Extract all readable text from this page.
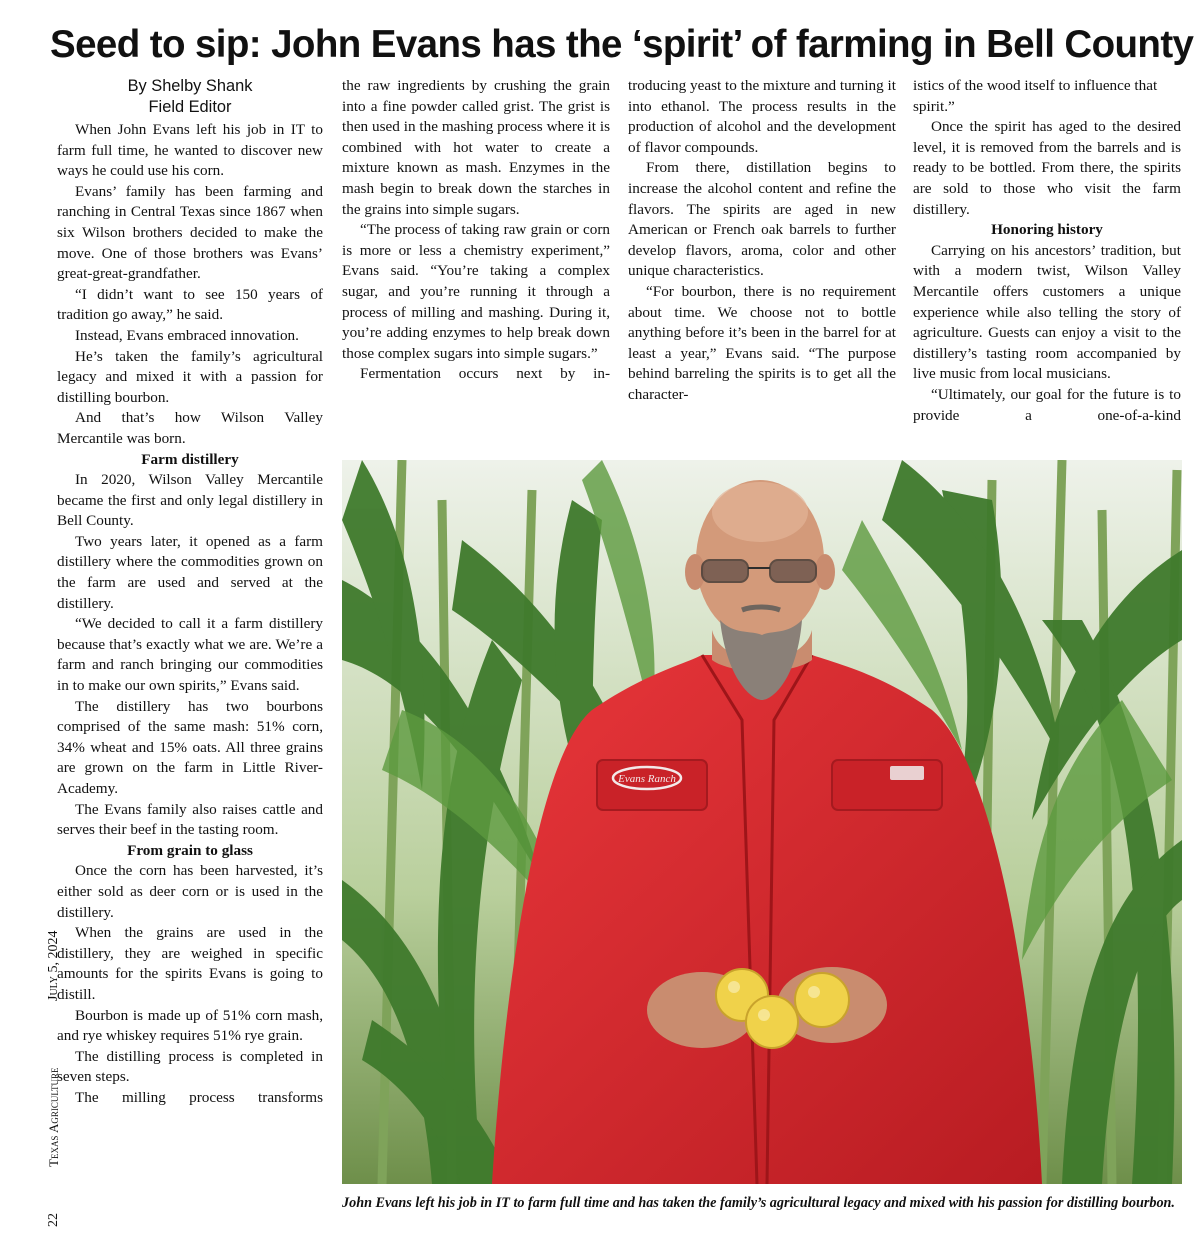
Seed to sip: John Evans has the ‘spirit’ of farming in Bell County
By Shelby Shank
Field Editor

When John Evans left his job in IT to farm full time, he wanted to discover new ways he could use his corn.

Evans’ family has been farming and ranching in Central Texas since 1867 when six Wilson brothers decided to make the move. One of those brothers was Evans’ great-great-grandfather.

“I didn’t want to see 150 years of tradition go away,” he said.

Instead, Evans embraced innovation.

He’s taken the family’s agricultural legacy and mixed it with a passion for distilling bourbon.

And that’s how Wilson Valley Mercantile was born.

Farm distillery

In 2020, Wilson Valley Mercantile became the first and only legal distillery in Bell County.

Two years later, it opened as a farm distillery where the commodities grown on the farm are used and served at the distillery.

“We decided to call it a farm distillery because that’s exactly what we are. We’re a farm and ranch bringing our commodities in to make our own spirits,” Evans said.

The distillery has two bourbons comprised of the same mash: 51% corn, 34% wheat and 15% oats. All three grains are grown on the farm in Little River-Academy.

The Evans family also raises cattle and serves their beef in the tasting room.

From grain to glass

Once the corn has been harvested, it’s either sold as deer corn or is used in the distillery.

When the grains are used in the distillery, they are weighed in specific amounts for the spirits Evans is going to distill.

Bourbon is made up of 51% corn mash, and rye whiskey requires 51% rye grain.

The distilling process is completed in seven steps.

The milling process transforms

the raw ingredients by crushing the grain into a fine powder called grist. The grist is then used in the mashing process where it is combined with hot water to create a mixture known as mash. Enzymes in the mash begin to break down the starches in the grains into simple sugars.

“The process of taking raw grain or corn is more or less a chemistry experiment,” Evans said. “You’re taking a complex sugar, and you’re running it through a process of milling and mashing. During it, you’re adding enzymes to help break down those complex sugars into simple sugars.”

Fermentation occurs next by in-

troducing yeast to the mixture and turning it into ethanol. The process results in the production of alcohol and the development of flavor compounds.

From there, distillation begins to increase the alcohol content and refine the flavors. The spirits are aged in new American or French oak barrels to further develop flavors, aroma, color and other unique characteristics.

“For bourbon, there is no requirement about time. We choose not to bottle anything before it’s been in the barrel for at least a year,” Evans said. “The purpose behind barreling the spirits is to get all the character-

istics of the wood itself to influence that spirit.”

Once the spirit has aged to the desired level, it is removed from the barrels and is ready to be bottled. From there, the spirits are sold to those who visit the farm distillery.

Honoring history

Carrying on his ancestors’ tradition, but with a modern twist, Wilson Valley Mercantile offers customers a unique experience while also telling the story of agriculture. Guests can enjoy a visit to the distillery’s tasting room accompanied by live music from local musicians.

“Ultimately, our goal for the future is to provide a one-of-a-kind

22
Texas Agriculture
July 5, 2024
Evans Ranch
John Evans left his job in IT to farm full time and has taken the family’s agricultural legacy and mixed with his passion for distilling bourbon.
